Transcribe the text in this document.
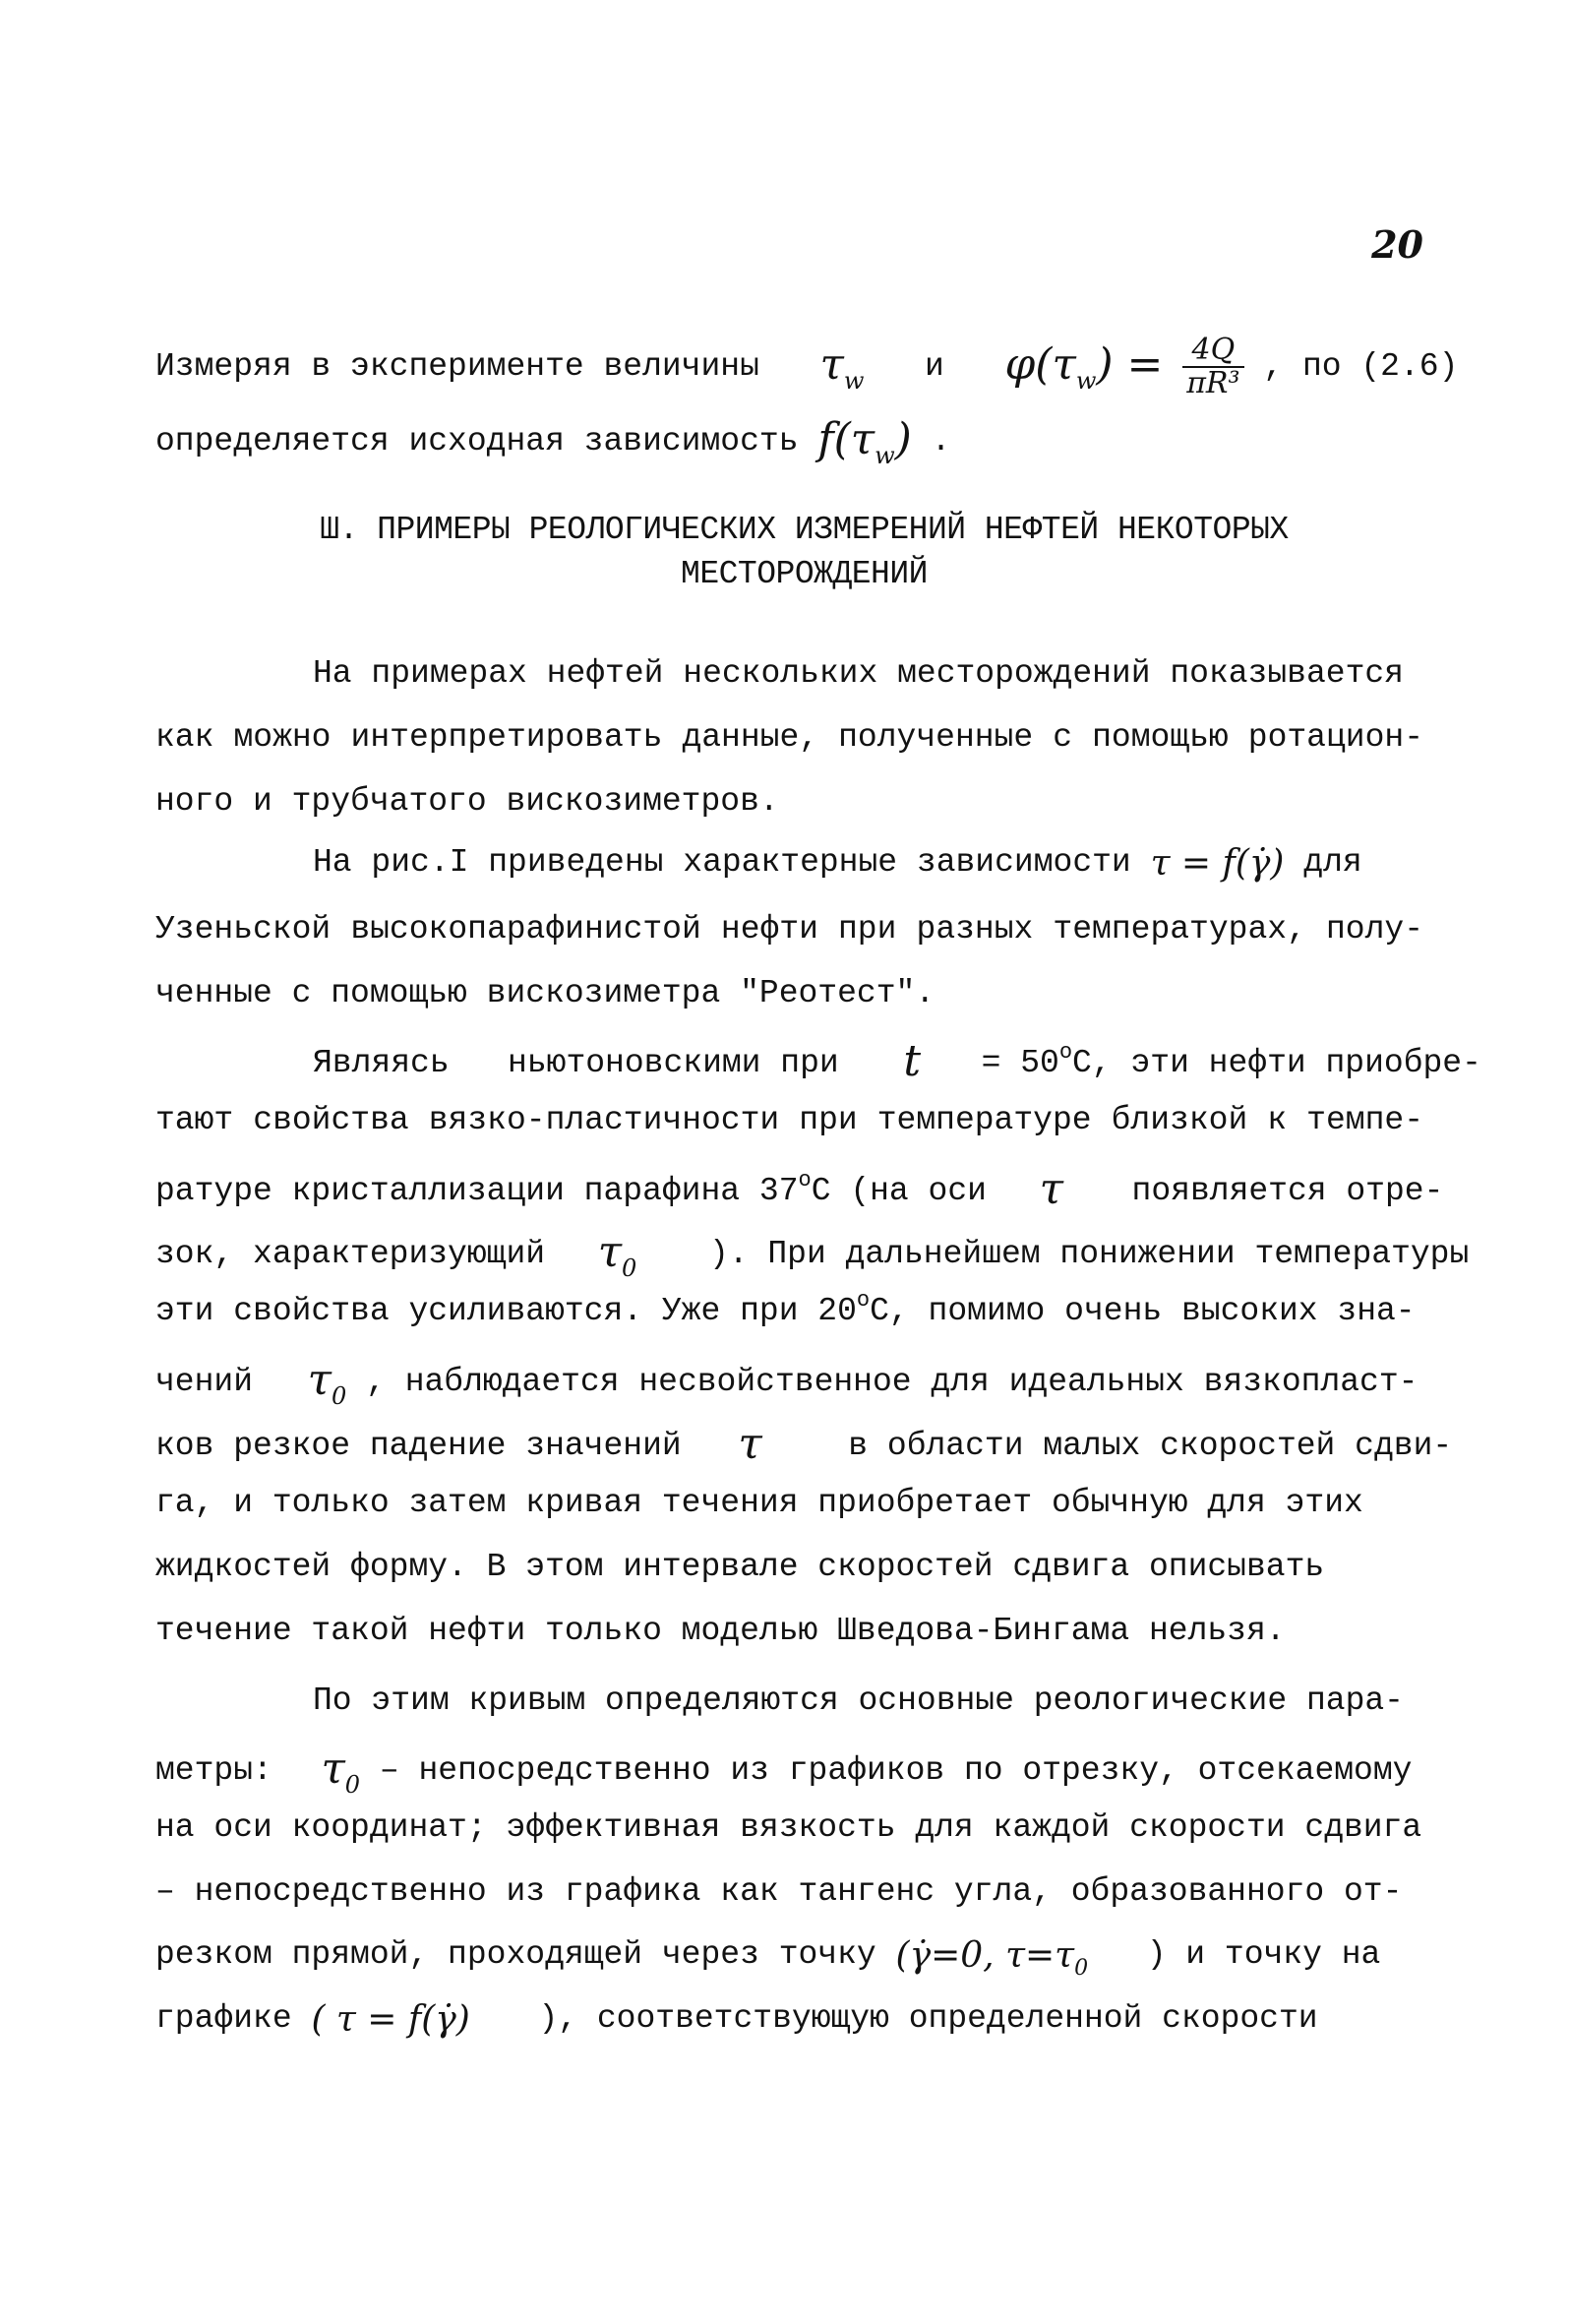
20
Измеряя в эксперименте величины $\tau_w$ и $\varphi(\tau_w) = \frac{4Q}{\text{πR³}}$ , по (2.6)
определяется исходная зависимость $f(\tau_w)$ .
Ш. ПРИМЕРЫ РЕОЛОГИЧЕСКИХ ИЗМЕРЕНИЙ НЕФТЕЙ НЕКОТОРЫХ
МЕСТОРОЖДЕНИЙ
На примерах нефтей нескольких месторождений показывается
как можно интерпретировать данные, полученные с помощью ротацион-
ного и трубчатого вискозиметров.
На рис.I приведены характерные зависимости τ = f(γ̇) для
Узеньской высокопарафинистой нефти при разных температурах, полу-
ченные с помощью вискозиметра "Реотест".
Являясь   ньютоновскими при $t = 50^oС$, эти нефти приобре-
тают свойства вязко-пластичности при температуре близкой к темпе-
ратуре кристаллизации парафина 37$^o$С (на оси τ появляется отре-
зок, характеризующий $\tau_0$ ). При дальнейшем понижении температуры
эти свойства усиливаются. Уже при 20$^o$С, помимо очень высоких зна-
чений $\tau_0$ , наблюдается несвойственное для идеальных вязкопласт-
ков резкое падение значений τ	в области малых скоростей сдви-
га, и только затем кривая течения приобретает обычную для этих
жидкостей форму. В этом интервале скоростей сдвига описывать
течение такой нефти только моделью Шведова-Бингама нельзя.
По этим кривым определяются основные реологические пара-
метры: $\tau_0$ – непосредственно из графиков по отрезку, отсекаемому
на оси координат; эффективная вязкость для каждой скорости сдвига
– непосредственно из графика как тангенс угла, образованного от-
резком прямой, проходящей через точку (γ̇=0, $\tau=\tau_0$ ) и точку на
графике ( τ = f(γ̇) ), соответствующую определенной скорости
